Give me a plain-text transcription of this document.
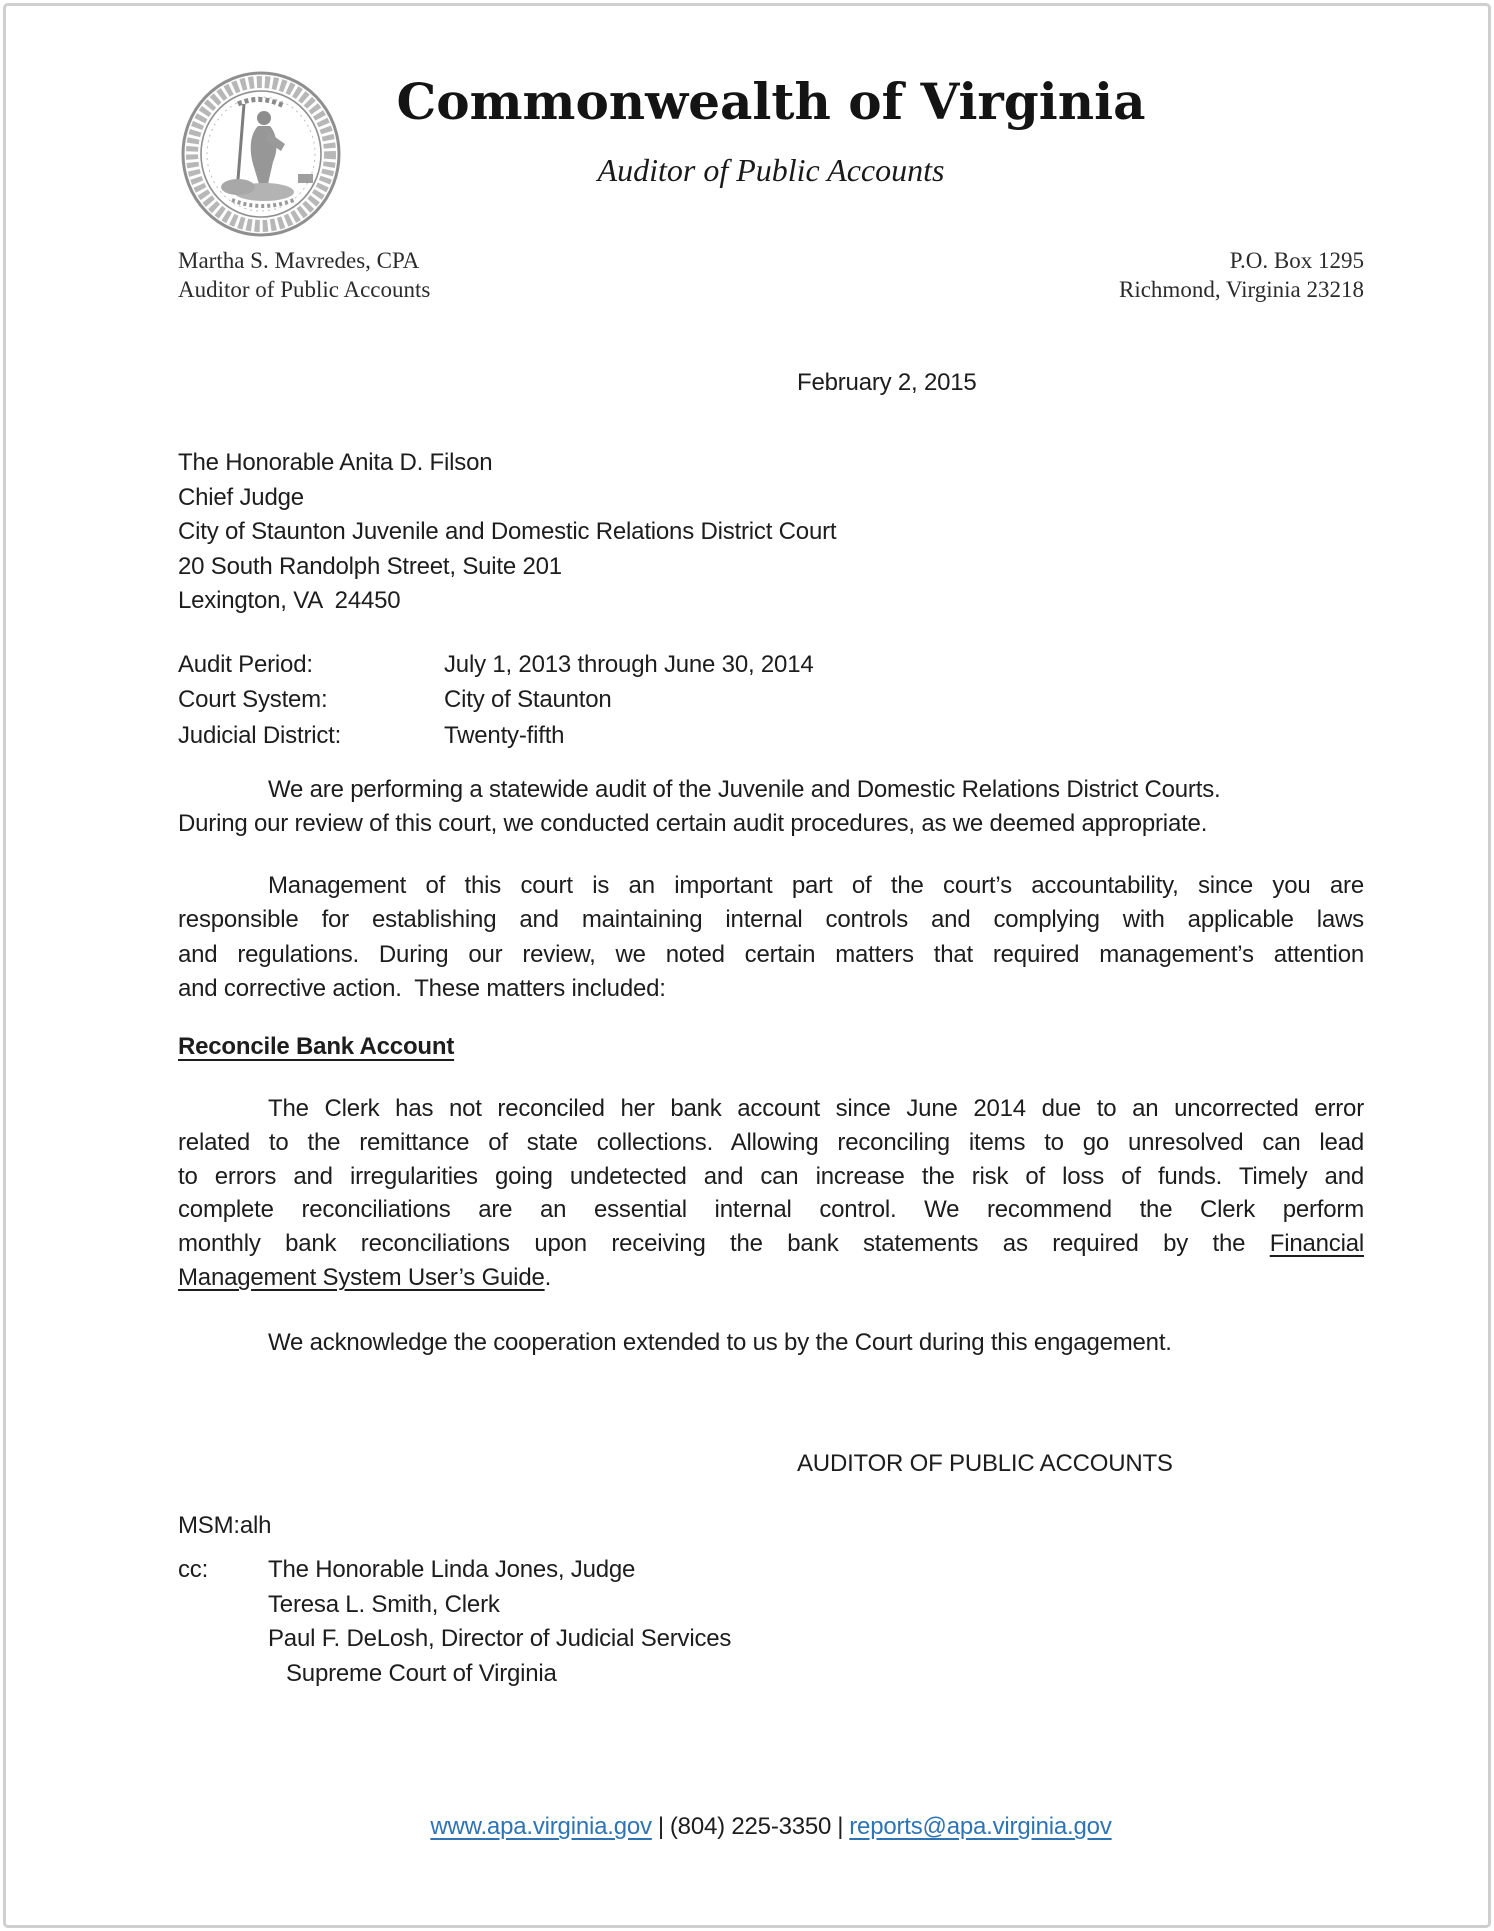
Commonwealth of Virginia
Auditor of Public Accounts
Martha S. Mavredes, CPA
Auditor of Public Accounts
P.O. Box 1295
Richmond, Virginia 23218
February 2, 2015
The Honorable Anita D. Filson
Chief Judge
City of Staunton Juvenile and Domestic Relations District Court
20 South Randolph Street, Suite 201
Lexington, VA  24450
Audit Period:	July 1, 2013 through June 30, 2014
Court System:	City of Staunton
Judicial District:	Twenty-fifth
We are performing a statewide audit of the Juvenile and Domestic Relations District Courts.
During our review of this court, we conducted certain audit procedures, as we deemed appropriate.
Management of this court is an important part of the court’s accountability, since you are
responsible for establishing and maintaining internal controls and complying with applicable laws
and regulations. During our review, we noted certain matters that required management’s attention
and corrective action.  These matters included:
Reconcile Bank Account
The Clerk has not reconciled her bank account since June 2014 due to an uncorrected error
related to the remittance of state collections. Allowing reconciling items to go unresolved can lead
to errors and irregularities going undetected and can increase the risk of loss of funds. Timely and
complete reconciliations are an essential internal control. We recommend the Clerk perform
monthly bank reconciliations upon receiving the bank statements as required by the Financial
Management System User’s Guide.
We acknowledge the cooperation extended to us by the Court during this engagement.
AUDITOR OF PUBLIC ACCOUNTS
MSM:alh
cc:	The Honorable Linda Jones, Judge
Teresa L. Smith, Clerk
Paul F. DeLosh, Director of Judicial Services
Supreme Court of Virginia
www.apa.virginia.gov | (804) 225-3350 | reports@apa.virginia.gov
